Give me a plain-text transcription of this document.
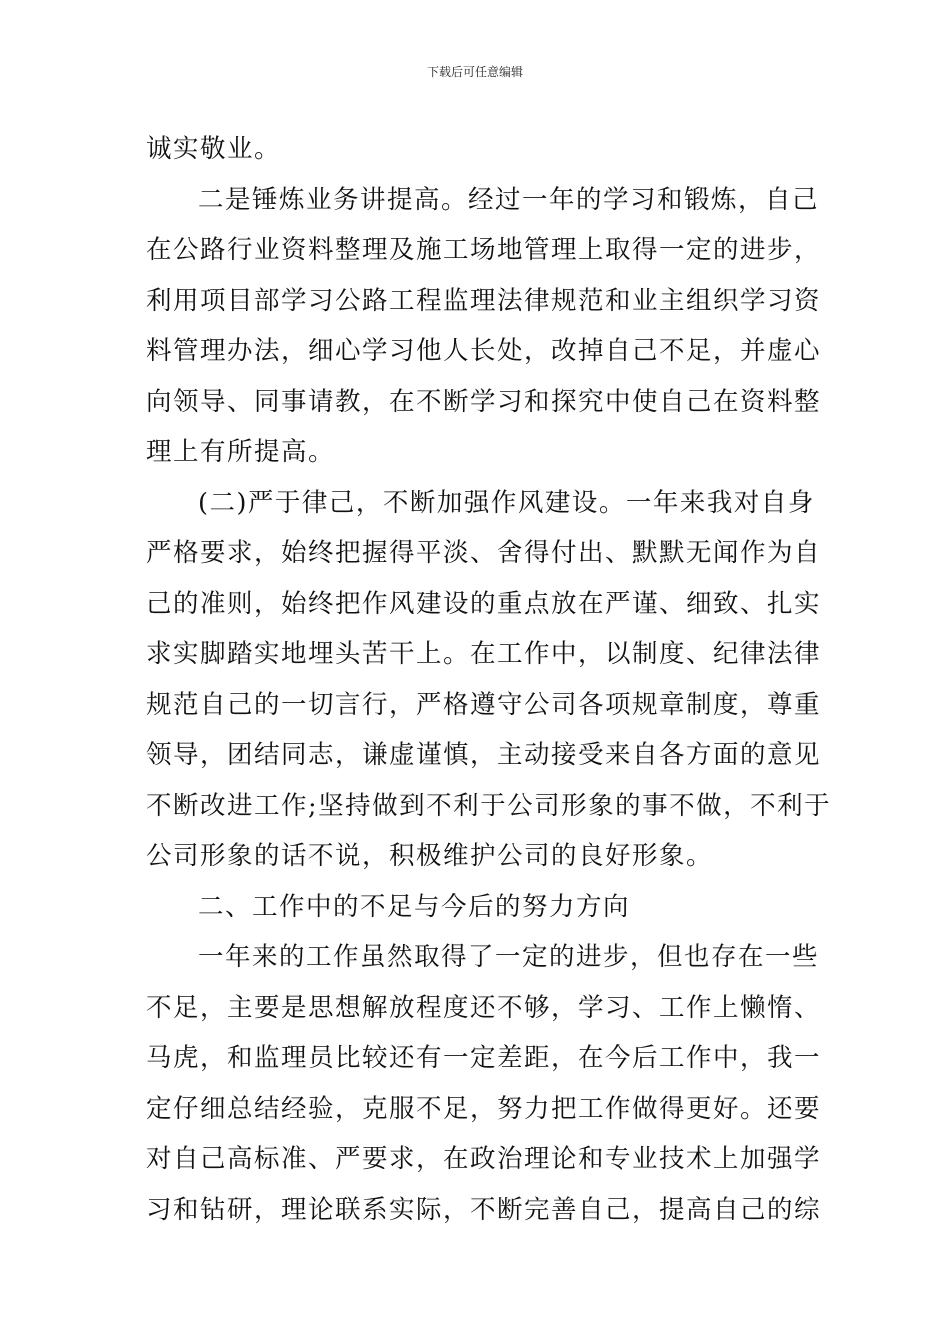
下载后可任意编辑
诚实敬业。
二是锤炼业务讲提高。经过一年的学习和锻炼，自己
在公路行业资料整理及施工场地管理上取得一定的进步，
利用项目部学习公路工程监理法律规范和业主组织学习资
料管理办法，细心学习他人长处，改掉自己不足，并虚心
向领导、同事请教，在不断学习和探究中使自己在资料整
理上有所提高。
(二)严于律己，不断加强作风建设。一年来我对自身
严格要求，始终把握得平淡、舍得付出、默默无闻作为自
己的准则，始终把作风建设的重点放在严谨、细致、扎实
求实脚踏实地埋头苦干上。在工作中，以制度、纪律法律
规范自己的一切言行，严格遵守公司各项规章制度，尊重
领导，团结同志，谦虚谨慎，主动接受来自各方面的意见
不断改进工作;坚持做到不利于公司形象的事不做，不利于
公司形象的话不说，积极维护公司的良好形象。
二、工作中的不足与今后的努力方向
一年来的工作虽然取得了一定的进步，但也存在一些
不足，主要是思想解放程度还不够，学习、工作上懒惰、
马虎，和监理员比较还有一定差距，在今后工作中，我一
定仔细总结经验，克服不足，努力把工作做得更好。还要
对自己高标准、严要求，在政治理论和专业技术上加强学
习和钻研，理论联系实际，不断完善自己，提高自己的综
